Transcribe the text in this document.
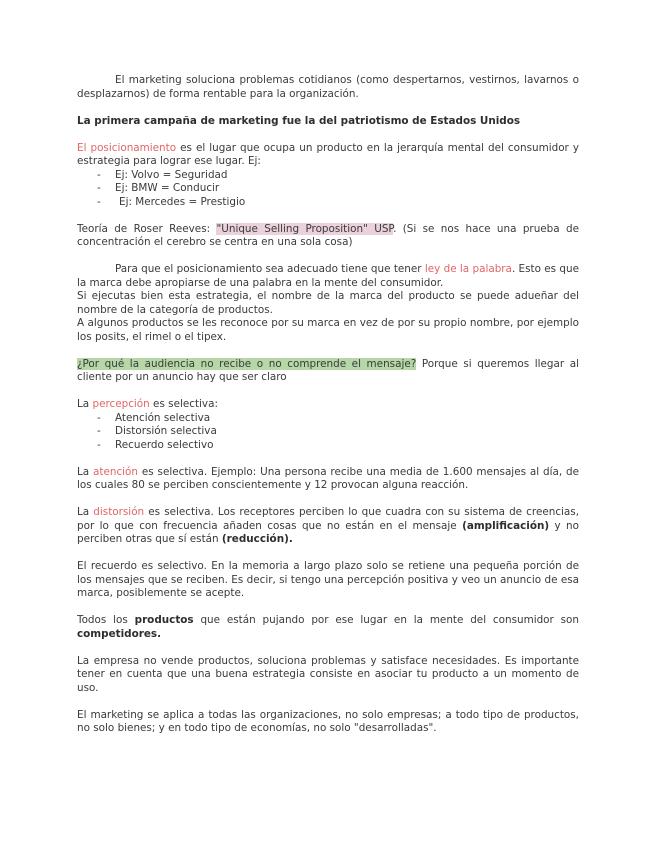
El marketing soluciona problemas cotidianos (como despertarnos, vestirnos, lavarnos o desplazarnos) de forma rentable para la organización.

La primera campaña de marketing fue la del patriotismo de Estados Unidos

El posicionamiento es el lugar que ocupa un producto en la jerarquía mental del consumidor y estrategia para lograr ese lugar. Ej:

- Ej: Volvo = Seguridad
- Ej: BMW = Conducir
- Ej: Mercedes = Prestigio

Teoría de Roser Reeves: "Unique Selling Proposition" USP. (Si se nos hace una prueba de concentración el cerebro se centra en una sola cosa)

Para que el posicionamiento sea adecuado tiene que tener ley de la palabra. Esto es que la marca debe apropiarse de una palabra en la mente del consumidor.

Si ejecutas bien esta estrategia, el nombre de la marca del producto se puede adueñar del nombre de la categoría de productos.

A algunos productos se les reconoce por su marca en vez de por su propio nombre, por ejemplo los posits, el rimel o el tipex.

¿Por qué la audiencia no recibe o no comprende el mensaje? Porque si queremos llegar al cliente por un anuncio hay que ser claro

La percepción es selectiva:

- Atención selectiva
- Distorsión selectiva
- Recuerdo selectivo

La atención es selectiva. Ejemplo: Una persona recibe una media de 1.600 mensajes al día, de los cuales 80 se perciben conscientemente y 12 provocan alguna reacción.

La distorsión es selectiva. Los receptores perciben lo que cuadra con su sistema de creencias, por lo que con frecuencia añaden cosas que no están en el mensaje (amplificación) y no perciben otras que sí están (reducción).

El recuerdo es selectivo. En la memoria a largo plazo solo se retiene una pequeña porción de los mensajes que se reciben. Es decir, si tengo una percepción positiva y veo un anuncio de esa marca, posiblemente se acepte.

Todos los productos que están pujando por ese lugar en la mente del consumidor son competidores.

La empresa no vende productos, soluciona problemas y satisface necesidades. Es importante tener en cuenta que una buena estrategia consiste en asociar tu producto a un momento de uso.

El marketing se aplica a todas las organizaciones, no solo empresas; a todo tipo de productos, no solo bienes; y en todo tipo de economías, no solo "desarrolladas".
